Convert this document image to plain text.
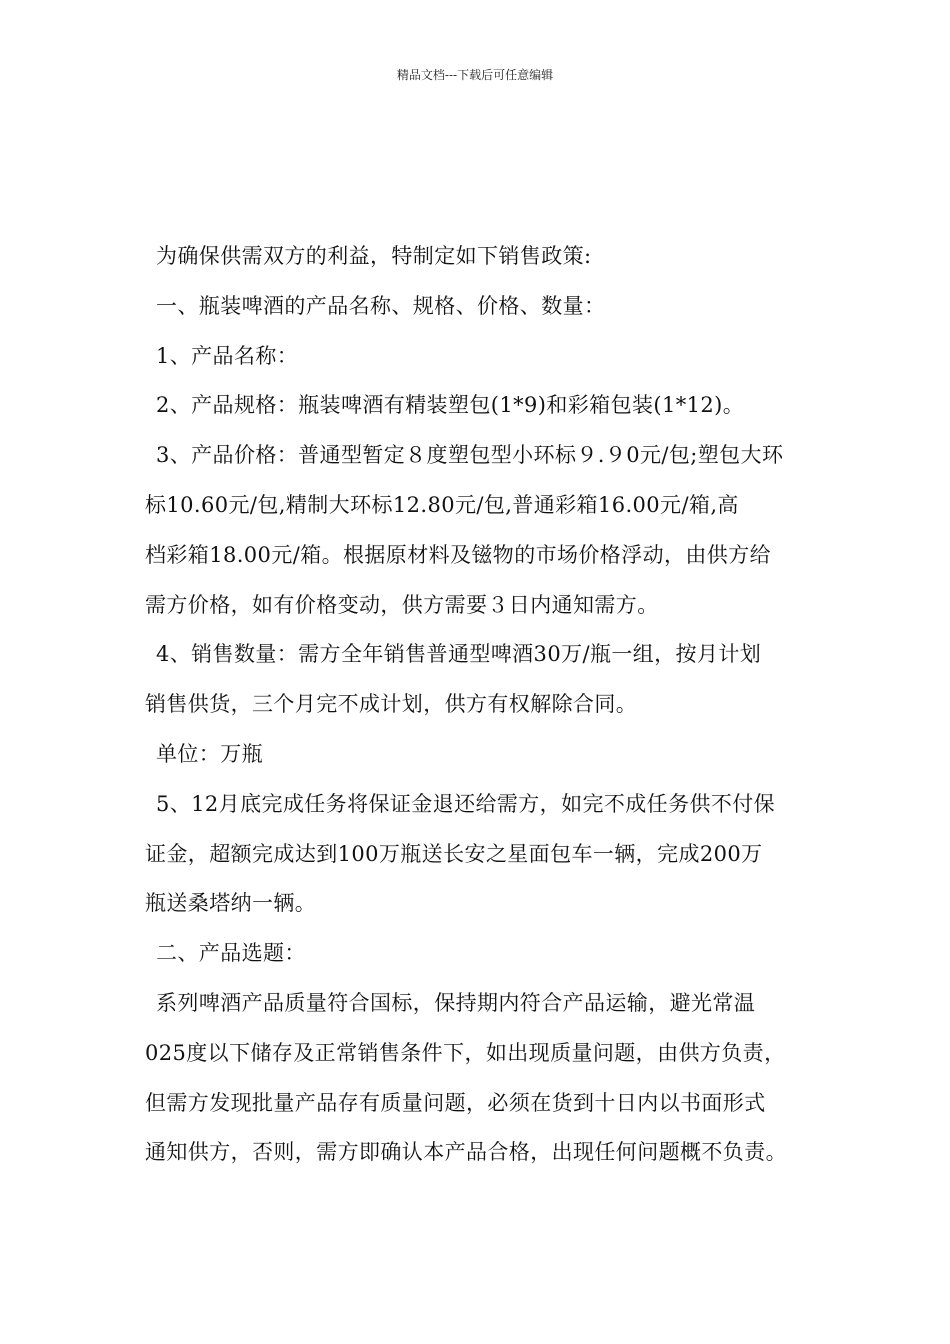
精品文档---下载后可任意编辑

为确保供需双方的利益，特制定如下销售政策:

一、瓶装啤酒的产品名称、规格、价格、数量：

1、产品名称：

2、产品规格：瓶装啤酒有精装塑包(1*9)和彩箱包装(1*12)。

3、产品价格：普通型暂定８度塑包型小环标９.９0元/包;塑包大环

标10.60元/包,精制大环标12.80元/包,普通彩箱16.00元/箱,高

档彩箱18.00元/箱。根据原材料及镃物的市场价格浮动，由供方给

需方价格，如有价格变动，供方需要３日内通知需方。

4、销售数量：需方全年销售普通型啤酒30万/瓶一组，按月计划

销售供货，三个月完不成计划，供方有权解除合同。

单位：万瓶

5、12月底完成任务将保证金退还给需方，如完不成任务供不付保

证金，超额完成达到100万瓶送长安之星面包车一辆，完成200万

瓶送桑塔纳一辆。

二、产品选题：

系列啤酒产品质量符合国标，保持期内符合产品运输，避光常温

025度以下储存及正常销售条件下，如出现质量问题，由供方负责，

但需方发现批量产品存有质量问题，必须在货到十日内以书面形式

通知供方，否则，需方即确认本产品合格，出现任何问题概不负责。
